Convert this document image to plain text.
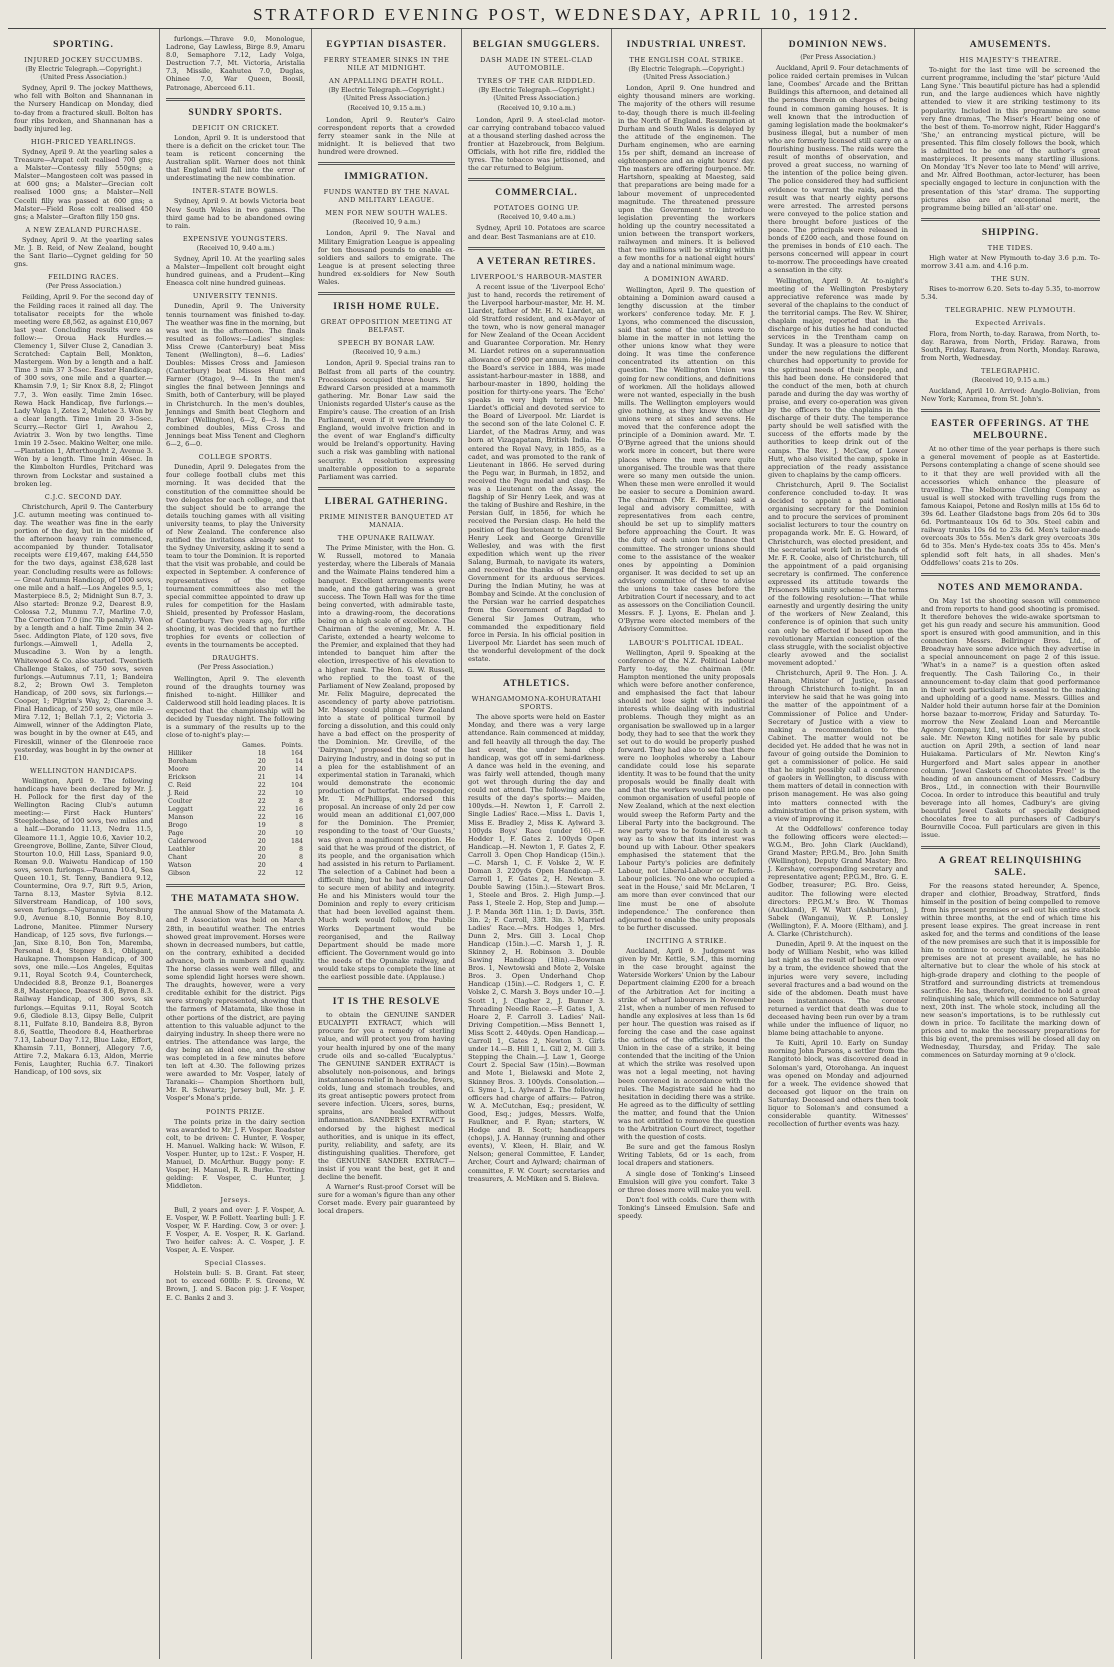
STRATFORD EVENING POST, WEDNESDAY, APRIL 10, 1912.
SPORTING.
INJURED JOCKEY SUCCUMBS.
(By Electric Telegraph.—Copyright.) (United Press Association.)

Sydney, April 9. The jockey Matthews, who fell with Bolton and Shannanan in the Nursery Handicap on Monday, died to-day from a fractured skull. Bolton has four ribs broken, and Shannanan has a badly injured leg.

HIGH-PRICED YEARLINGS.

Sydney, April 9. At the yearling sales a Treasure—Arapat colt realised 700 gns; a Malster—Contessy filly 550gns; a Malster—Mangosteen colt was passed in at 600 gns; a Malster—Grecian colt realised 1000 gns; a Malster—Nell Cecelli filly was passed at 600 gns; a Malster—Field Rose colt realised 450 gns; a Malster—Grafton filly 150 gns.

A NEW ZEALAND PURCHASE.

Sydney, April 9. At the yearling sales Mr. J. B. Reid, of New Zealand, bought the Sant Ilario—Cygnet gelding for 50 gns.

FEILDING RACES.
(Per Press Association.)

Feilding, April 9. For the second day of the Feilding races it rained all day. The totalisator receipts for the whole meeting were £8,562, as against £10,067 last year. Concluding results were as follow:— Oroua Hack Hurdles.—Clemency 1, Silver Cluse 2, Canadian 3. Scratched: Captain Bell, Monkton, Mastergem. Won by a length and a half. Time 3 min 37 3-5sec. Easter Handicap, of 300 sovs, one mile and a quarter.—Khamsin 7.9, 1; Sir Knox 8.8, 2; Flingot 7.7, 3. Won easily. Time 2min 16sec. Rewa Hack Handicap, five furlongs.—Lady Volga 1, Zetes 2, Muletee 3. Won by a clear length. Time 1min 20 3-5sec. Scurry.—Rector Girl 1, Awahou 2, Aviatrix 3. Won by two lengths. Time 1min 19 2-5sec. Makino Welter, one mile.—Plantation 1, Afterthought 2, Avenue 3. Won by a length. Time 1min 46sec. In the Kimbolton Hurdles, Pritchard was thrown from Lockstar and sustained a broken leg.

C.J.C. SECOND DAY.

Christchurch, April 9. The Canterbury J.C. autumn meeting was continued to-day. The weather was fine in the early portion of the day, but in the middle of the afternoon heavy rain commenced, accompanied by thunder. Totalisator receipts were £19,467, making £44,550 for the two days, against £38,628 last year. Concluding results were as follows:— Great Autumn Handicap, of 1000 sovs, one mile and a half.—Los Angeles 9.5, 1; Masterpiece 8.5, 2; Midnight Sun 8.7, 3. Also started: Bronze 9.2, Dearest 8.9, Colossa 7.2, Munmu 7.7, Marline 7.0, The Correction 7.0 (inc 7lb penalty). Won by a length and a half. Time 2min 34 2-5sec. Addington Plate, of 120 sovs, five furlongs.—Aimwell 1, Adella 2, Muscadine 3. Won by a length. Whitewood & Co. also started. Twentieth Challenge Stakes, of 750 sovs, seven furlongs.—Autumnus 7.11, 1; Bandeira 8.2, 2; Brown Owl 3. Templeton Handicap, of 200 sovs, six furlongs.—Cooper, 1; Pilgrim's Way, 2; Clarence 3. Final Handicap, of 250 sovs, one mile.—Mira 7.12, 1; Bellah 7.1, 2; Victoria 3. Aimwell, winner of the Addington Plate, was bought in by the owner at £45, and Fireskill, winner of the Glenroeie race yesterday, was bought in by the owner at £10.

WELLINGTON HANDICAPS.

Wellington, April 9. The following handicaps have been declared by Mr. J. H. Pollock for the first day of the Wellington Racing Club's autumn meeting:— First Hack Hunters' Steeplechase, of 100 sovs, two miles and a half.—Dorando 11.13, Nedra 11.5, Gleamore 11.1, Aggie 10.6, Xavier 10.2, Greengrove, Bolline, Zante, Silver Cloud, Stourton 10.0, Hill Lass, Spaniard 9.0, Roman 9.0. Waiwetu Handicap of 150 sovs, seven furlongs.—Paunna 10.4, Sea Queen 10.1, St. Tenny, Bandiera 9.12, Countermine, Ora 9.7, Rift 9.5, Arion, Tarna 8.13, Master Sylvia 8.12. Silverstream Handicap, of 100 sovs, seven furlongs.—Nguranuu, Petersburg 9.0, Avenue 8.10, Bonnie Boy 8.10, Ladrone, Manitee. Plimmer Nursery Handicap, of 125 sovs, five furlongs.—Jan, Sixe 8.10, Bon Ton, Maremba, Personal 8.4, Stepney 8.1, Obligant, Haukapne. Thompson Handicap, of 300 sovs, one mile.—Los Angeles, Equitas 9.11, Royal Scotch 9.4, Countercheck, Undecided 8.8, Bronze 9.1, Boanerges 8.8, Masterpiece, Dearest 8.6, Byron 8.3. Railway Handicap, of 300 sovs, six furlongs.—Equitas 9.11, Royal Scotch 9.6, Glediole 8.13, Gipsy Belle, Culprit 8.11, Fulfate 8.10, Bandeira 8.8, Byron 8.6, Seattle, Theodore 8.4, Heatherbrae 7.13, Labour Day 7.12, Blue Lake, Effort, Khamsin 7.11, Bonnerj, Allegory 7.6, Attire 7.2, Makara 6.13, Aldon, Merrie Fenis, Laughter, Ruchia 6.7. Tinakori Handicap, of 100 sovs, six

furlongs.—Thrave 9.0, Monologue, Ladrone, Gay Lawless, Birge 8.9, Amaru 8.0, Semaphore 7.12, Lady Volga, Destruction 7.7, Mt. Victoria, Aristalia 7.3, Missile, Kaahutea 7.0, Duglas, Ohinee 7.0, War Queen, Boosil, Patronage, Aberceed 6.11.

SUNDRY SPORTS.
DEFICIT ON CRICKET.

London, April 9. It is understood that there is a deficit on the cricket tour. The team is reticent concerning the Australian split. Warner does not think that England will fall into the error of underestimating the new combination.

INTER-STATE BOWLS.

Sydney, April 9. At bowls Victoria beat New South Wales in two games. The third game had to be abandoned owing to rain.

EXPENSIVE YOUNGSTERS.
(Received 10, 9.40 a.m.)

Sydney, April 10. At the yearling sales a Malster—Impellent colt brought eight hundred guineas, and a Prudent—King Eneasca colt nine hundred guineas.

UNIVERSITY TENNIS.

Dunedin, April 9. The University tennis tournament was finished to-day. The weather was fine in the morning, but was wet in the afternoon. The finals resulted as follows:—Ladies' singles: Miss Crewe (Canterbury) beat Miss Tenent (Wellington), 8—6. Ladies' Doubles: Misses Cross and Jamieson (Canterbury) beat Misses Hunt and Farmer (Otago), 9—4. In the men's singles the final between Jennings and Smith, both of Canterbury, will be played in Christchurch. In the men's doubles, Jennings and Smith beat Cleghorn and Parker (Wellington), 6—2, 6—3. In the combined doubles, Miss Cross and Jennings beat Miss Tenent and Cleghorn 6—2, 6—0.

COLLEGE SPORTS.

Dunedin, April 9. Delegates from the four college football clubs met this morning. It was decided that the constitution of the committee should be two delegates for each college, and that the subject should be to arrange the details touching games with all visiting university teams, to play the University of New Zealand. The conference also ratified the invitations already sent to the Sydney University, asking it to send a team to tour the Dominion. It is reported that the visit was probable, and could be expected in September. A conference of representatives of the college tournament committees also met the special committee appointed to draw up rules for competition for the Haslam Shield, presented by Professor Haslam, of Canterbury. Two years ago, for rifle shooting, it was decided that no further trophies for events or collection of events in the tournaments be accepted.

DRAUGHTS.
(Per Press Association.)

Wellington, April 9. The eleventh round of the draughts tourney was finished to-night. Hilliker and Calderwood still hold leading places. It is expected that the championship will be decided by Tuesday night. The following is a summary of the results up to the close of to-night's play:—

	Games.	Points.
Hilliker	18	164
Boreham	20	14
Moore	20	14
Erickson	21	14
C. Reid	22	104
J. Reid	22	10
Coulter	22	8
Leggatt	22	16
Manson	22	16
Brogo	19	8
Page	20	10
Calderwood	20	184
Leathler	20	8
Chant	20	8
Watson	20	4
Gibson	22	12
THE MATAMATA SHOW.

The annual Show of the Matamata A. and P. Association was held on March 28th, in beautiful weather. The entries showed great improvement. Horses were shown in decreased numbers, but cattle, on the contrary, exhibited a decided advance, both in numbers and quality. The horse classes were well filled, and some splendid light horses were shown. The draughts, however, were a very creditable exhibit for the district. Pigs were strongly represented, showing that the farmers of Matamata, like those in other portions of the district, are paying attention to this valuable adjunct to the dairying industry. In sheep there were no entries. The attendance was large, the day being an ideal one, and the show was completed in a few minutes before ten left at 4.30. The following prizes were awarded to Mr. Vosper, lately of Taranaki:— Champion Shorthorn bull, Mr. R. Schwartz; Jersey bull, Mr. J. F. Vosper's Mona's pride.

POINTS PRIZE.

The points prize in the dairy section was awarded to Mr. J. F. Vosper. Roadster colt, to be driven: C. Hunter, F. Vosper, H. Manuel. Walking hack: W. Wilson, F. Vosper. Hunter, up to 12st.: F. Vosper, H. Manuel, D. McArthur. Buggy pony: F. Vosper, H. Manuel, R. R. Burke. Trotting gelding: F. Vosper, C. Hunter, J. Middleton.

Jerseys.

Bull, 2 years and over: J. F. Vosper, A. E. Vosper, W. P. Follett. Yearling bull: J. F. Vosper, W. F. Harding. Cow, 3 or over: J. F. Vosper, A. E. Vosper, R. K. Garland. Two heifer calves: A. C. Vosper, J. F. Vosper, A. E. Vosper.

Special Classes.

Holstein bull: S. B. Grant. Fat steer, not to exceed 600lb: F. S. Greene, W. Brown, J. and S. Bacon pig: J. F. Vosper, E. C. Banks 2 and 3.

EGYPTIAN DISASTER.
FERRY STEAMER SINKS IN THE NILE AT MIDNIGHT.
AN APPALLING DEATH ROLL.
(By Electric Telegraph.—Copyright.) (United Press Association.)
(Received 10, 9.15 a.m.)

London, April 9. Reuter's Cairo correspondent reports that a crowded ferry steamer sank in the Nile at midnight. It is believed that two hundred were drowned.

IMMIGRATION.
FUNDS WANTED BY THE NAVAL AND MILITARY LEAGUE.
MEN FOR NEW SOUTH WALES.
(Received 10, 9 a.m.)

London, April 9. The Naval and Military Emigration League is appealing for ten thousand pounds to enable ex-soldiers and sailors to emigrate. The League is at present selecting three hundred ex-soldiers for New South Wales.

IRISH HOME RULE.
GREAT OPPOSITION MEETING AT BELFAST.
SPEECH BY BONAR LAW.
(Received 10, 9 a.m.)

London, April 9. Special trains ran to Belfast from all parts of the country. Processions occupied three hours. Sir Edward Carson presided at a mammoth gathering. Mr. Bonar Law said the Unionists regarded Ulster's cause as the Empire's cause. The creation of an Irish Parliament, even if it were friendly to England, would involve friction and in the event of war England's difficulty would be Ireland's opportunity. Having such a risk was gambling with national security. A resolution expressing unalterable opposition to a separate Parliament was carried.

LIBERAL GATHERING.
PRIME MINISTER BANQUETED AT MANAIA.
THE OPUNAKE RAILWAY.

The Prime Minister, with the Hon. G. W. Russell, motored to Manaia yesterday, where the Liberals of Manaia and the Waimate Plains tendered him a banquet. Excellent arrangements were made, and the gathering was a great success. The Town Hall was for the time being converted, with admirable taste, into a drawing-room, the decorations being on a high scale of excellence. The Chairman of the evening, Mr. A. H. Cariste, extended a hearty welcome to the Premier, and explained that they had intended to banquet him after the election, irrespective of his elevation to a higher rank. The Hon. G. W. Russell, who replied to the toast of the Parliament of New Zealand, proposed by Mr. Felix Maguire, deprecated the ascendency of party above patriotism. Mr. Massey could plunge New Zealand into a state of political turmoil by forcing a dissolution, and this could only have a bad effect on the prosperity of the Dominion. Mr. Greville, of the 'Dairyman,' proposed the toast of the Dairying Industry, and in doing so put in a plea for the establishment of an experimental station in Taranaki, which would demonstrate the economic production of butterfat. The responder, Mr. T. McPhillips, endorsed this proposal. An increase of only 2d per cow would mean an additional £1,007,000 for the Dominion. The Premier, responding to the toast of 'Our Guests,' was given a magnificent reception. He said that he was proud of the district, of its people, and the organisation which had assisted in his return to Parliament. The selection of a Cabinet had been a difficult thing, but he had endeavoured to secure men of ability and integrity. He and his Ministers would tour the Dominion and reply to every criticism that had been levelled against them. Much work would follow, the Public Works Department would be reorganised, and the Railway Department should be made more efficient. The Government would go into the needs of the Opunake railway, and would take steps to complete the line at the earliest possible date. (Applause.)

IT IS THE RESOLVE

to obtain the GENUINE SANDER EUCALYPTI EXTRACT, which will procure for you a remedy of sterling value, and will protect you from having your health injured by one of the many crude oils and so-called 'Eucalyptus.' The GENUINE SANDER EXTRACT is absolutely non-poisonous, and brings instantaneous relief in headache, fevers, colds, lung and stomach troubles, and its great antiseptic powers protect from severe infection. Ulcers, sores, burns, sprains, are healed without inflammation. SANDER'S EXTRACT is endorsed by the highest medical authorities, and is unique in its effect, purity, reliability, and safety, are its distinguishing qualities. Therefore, get the GENUINE SANDER EXTRACT—insist if you want the best, get it and decline the benefit.

A Warner's Rust-proof Corset will be sure for a woman's figure than any other Corset made. Every pair guaranteed by local drapers.

BELGIAN SMUGGLERS.
DASH MADE IN STEEL-CLAD AUTOMOBILE.
TYRES OF THE CAR RIDDLED.
(By Electric Telegraph.—Copyright.) (United Press Association.)
(Received 10, 9.10 a.m.)

London, April 9. A steel-clad motor-car carrying contraband tobacco valued at a thousand sterling dashed across the frontier at Hazebrouck, from Belgium. Officials, with hot rifle fire, riddled the tyres. The tobacco was jettisoned, and the car returned to Belgium.

COMMERCIAL.
POTATOES GOING UP.
(Received 10, 9.40 a.m.)

Sydney, April 10. Potatoes are scarce and dear. Best Tasmanians are at £10.

A VETERAN RETIRES.
LIVERPOOL'S HARBOUR-MASTER

A recent issue of the 'Liverpool Echo' just to hand, records the retirement of the Liverpool harbour-master, Mr. H. M. Liardet, father of Mr. H. N. Liardet, an old Stratford resident, and ex-Mayor of the town, who is now general manager for New Zealand of the Ocean Accident and Guarantee Corporation. Mr. Henry M. Liardet retires on a superannuation allowance of £900 per annum. He joined the Board's service in 1884, was made assistant-harbour-master in 1888, and harbour-master in 1890, holding the position for thirty-one years. The 'Echo' speaks in very high terms of Mr. Liardet's official and devoted service to the Board of Liverpool. Mr. Liardet is the second son of the late Colonel C. F. Liardet, of the Madras Army, and was born at Vizagapatam, British India. He entered the Royal Navy, in 1855, as a cadet, and was promoted to the rank of Lieutenant in 1866. He served during the Pegu war, in Burmah, in 1852, and received the Pegu medal and clasp. He was a Lieutenant on the Assay, the flagship of Sir Henry Leek, and was at the taking of Bushire and Reshire, in the Persian Gulf, in 1856, for which he received the Persian clasp. He held the position of flag lieutenant to Admiral Sir Henry Leek and George Grenville Wellesley, and was with the first expedition which went up the river Salang, Burmah, to navigate its waters, and received the thanks of the Bengal Government for its arduous services. During the Indian Mutiny, he was at Bombay and Scinde. At the conclusion of the Persian war he carried despatches from the Government of Bagdad to General Sir James Outram, who commanded the expeditionary field force in Persia. In his official position in Liverpool Mr. Liardet has seen much of the wonderful development of the dock estate.

ATHLETICS.
WHANGAMOMONA-KOHURATAHI SPORTS.

The above sports were held on Easter Monday, and there was a very large attendance. Rain commenced at midday, and fell heavily all through the day. The last event, the under hand chop handicap, was got off in semi-darkness. A dance was held in the evening, and was fairly well attended, though many got wet through during the day and could not attend. The following are the results of the day's sports:— Maiden, 100yds.—H. Newton 1, F. Carroll 2. Single Ladies' Race.—Miss L. Davis 1, Miss E. Bradley 2, Miss K. Aylward 3. 100yds Boys' Race (under 16).—F. Hodder 1, F. Gates 2. 100yds Open Handicap.—H. Newton 1, F. Gates 2, F. Carroll 3. Open Chop Handicap (15in.).—C. Marsh 1, C. F. Volske 2, W. F. Doman 3. 220yds Open Handicap.—F. Carroll 1, F. Gates 2, H. Newton 3. Double Sawing (15in.).—Stewart Bros. 1, Steele and Bros. 2. High Jump.—J. Pass 1, Steele 2. Hop, Step and Jump.—J. P. Manda 36ft 11in. 1; D. Davis, 35ft. 3in. 2; F. Carroll, 33ft. 3in. 3. Married Ladies' Race.—Mrs. Hodges 1, Mrs. Dunn 2, Mrs. Gill 3. Local Chop Handicap (15in.).—C. Marsh 1, J. R. Skinney 2, H. Robinson 3. Double Sawing Handicap (18in).—Bowman Bros. 1, Newtowski and Mote 2, Volske Bros. 3. Open Underhand Chop Handicap (15in).—C. Rodgers 1, C. F. Volske 2, C. Marsh 3. Boys under 10.—J. Scott 1, J. Clagher 2, J. Bunner 3. Threading Needle Race.—F. Gates 1, A. Hoare 2, F. Carroll 3. Ladies' Nail-Driving Competition.—Miss Bennett 1, Miss Scott 2. 440yds. Open Handicap.—Carroll 1, Gates 2, Newton 3. Girls under 14.—B. Hill 1, L. Gill 2, M. Gill 3. Stepping the Chain.—J. Law 1, George Court 2. Special Saw (15in).—Bowman and Mote 1, Bielawski and Mote 2, Skinney Bros. 3. 100yds. Consolation.—G. Syme 1, L. Aylward 2. The following officers had charge of affairs:— Patron, W. A. McCutchan, Esq.; president, W. Good, Esq.; judges, Messrs. Wolfe, Faulkner, and F. Ryan; starters, W. Hodge and B. Scott; handicappers (chops), J. A. Hannay (running and other events), V. Kleen, H. Blair, and W. Nelson; general Committee, F. Lander, Archer, Court and Aylward; chairman of committee, F. W. Court; secretaries and treasurers, A. McMiken and S. Bieleva.

INDUSTRIAL UNREST.
THE ENGLISH COAL STRIKE.
(By Electric Telegraph.—Copyright.) (United Press Association.)

London, April 9. One hundred and eighty thousand miners are working. The majority of the others will resume to-day, though there is much ill-feeling in the North of England. Resumption at Durham and South Wales is delayed by the attitude of the enginemen. The Durham enginemen, who are earning 15s per shift, demand an increase of eighteenpence and an eight hours' day. The masters are offering fourpence. Mr. Hartshorn, speaking at Maesteg, said that preparations are being made for a labour movement of unprecedented magnitude. The threatened pressure upon the Government to introduce legislation preventing the workers holding up the country necessitated a union between the transport workers, railwaymen and miners. It is believed that two millions will be striking within a few months for a national eight hours' day and a national minimum wage.

A DOMINION AWARD.

Wellington, April 9. The question of obtaining a Dominion award caused a lengthy discussion at the timber workers' conference today. Mr. F. J. Lyons, who commenced the discussion, said that some of the unions were to blame in the matter in not letting the other unions know what they were doing. It was time the conference concentrated its attention on this question. The Wellington Union was going for new conditions, and definitions of workmen. All the holidays allowed were not wanted, especially in the bush mills. The Wellington employers would give nothing, as they knew the other unions were at sixes and sevens. He moved that the conference adopt the principle of a Dominion award. Mr. T. O'Byrne agreed that the unions should work more in concert, but there were places where the men were quite unorganised. The trouble was that there were so many men outside the union. When these men were enrolled it would be easier to secure a Dominion award. The chairman (Mr. E. Phelan) said a legal and advisory committee, with representatives from each centre, should be set up to simplify matters before approaching the Court. It was the duty of each union to finance that committee. The stronger unions should come to the assistance of the weaker ones by appointing a Dominion organiser. It was decided to set up an advisory committee of three to advise the unions to take cases before the Arbitration Court if necessary, and to act as assessors on the Conciliation Council. Messrs. F. J. Lyons, E. Phelan and J. O'Byrne were elected members of the Advisory Committee.

LABOUR'S POLITICAL IDEAL.

Wellington, April 9. Speaking at the conference of the N.Z. Political Labour Party to-day, the chairman (Mr. Hampton mentioned the unity proposals which were before another conference, and emphasised the fact that labour should not lose sight of its political interests while dealing with industrial problems. Though they might as an organisation be swallowed up in a larger body, they had to see that the work they set out to do would be properly pushed forward. They had also to see that there were no loopholes whereby a Labour candidate could lose his separate identity. It was to be found that the unity proposals would be finally dealt with and that the workers would fall into one common organisation of useful people of New Zealand, which at the next election would sweep the Reform Party and the Liberal Party into the background. The new party was to be founded in such a way as to show that its interest was bound up with Labour. Other speakers emphasised the statement that the Labour Party's policies are definitely Labour, not Liberal-Labour or Reform-Labour policies. 'No one who occupied a seat in the House,' said Mr. McLaren, 'I am more than ever convinced that our line must be one of absolute independence.' The conference then adjourned to enable the unity proposals to be further discussed.

INCITING A STRIKE.

Auckland, April 9. Judgment was given by Mr. Kettle, S.M., this morning in the case brought against the Waterside Workers' Union by the Labour Department claiming £200 for a breach of the Arbitration Act for inciting a strike of wharf labourers in November 21st, when a number of men refused to handle any explosives at less than 1s 6d per hour. The question was raised as if forcing the case and the case against the actions of the officials bound the Union in the case of a strike, it being contended that the inciting of the Union at which the strike was resolved upon was not a legal meeting, not having been convened in accordance with the rules. The Magistrate said he had no hesitation in deciding there was a strike. He agreed as to the difficulty of settling the matter, and found that the Union was not entitled to remove the question to the Arbitration Court direct, together with the question of costs.

Be sure and get the famous Roslyn Writing Tablets, 6d or 1s each, from local drapers and stationers.

A single dose of Tonking's Linseed Emulsion will give you comfort. Take 3 or three doses more will make you well.

Don't fool with colds. Cure them with Tonking's Linseed Emulsion. Safe and speedy.

DOMINION NEWS.
(Per Press Association.)

Auckland, April 9. Four detachments of police raided certain premises in Vulcan lane, Coombes' Arcade and the Brittan Buildings this afternoon, and detained all the persons therein on charges of being found in common gaming houses. It is well known that the introduction of gaming legislation made the bookmaker's business illegal, but a number of men who are formerly licensed still carry on a flourishing business. The raids were the result of months of observation, and proved a great success, no warning of the intention of the police being given. The police considered they had sufficient evidence to warrant the raids, and the result was that nearly eighty persons were arrested. The arrested persons were conveyed to the police station and there brought before justices of the peace. The principals were released in bonds of £200 each, and those found on the premises in bonds of £10 each. The persons concerned will appear in court to-morrow. The proceedings have created a sensation in the city.

Wellington, April 9. At to-night's meeting of the Wellington Presbytery appreciative reference was made by several of the chaplains to the conduct of the territorial camps. The Rev. W. Shirer, chaplain major, reported that in the discharge of his duties he had conducted services in the Trentham camp on Sunday. It was a pleasure to notice that under the new regulations the different churches had opportunity to provide for the spiritual needs of their people, and this had been done. He considered that the conduct of the men, both at church parade and during the day was worthy of praise, and every co-operation was given by the officers to the chaplains in the discharge of their duty. The temperance party should be well satisfied with the success of the efforts made by the authorities to keep drink out of the camps. The Rev. J. McCaw, of Lower Hutt, who also visited the camp, spoke in appreciation of the ready assistance given to chaplains by the camp officers.

Christchurch, April 9. The Socialist conference concluded to-day. It was decided to appoint a paid national organising secretary for the Dominion and to procure the services of prominent socialist lecturers to tour the country on propaganda work. Mr. E. G. Howard, of Christchurch, was elected president, and the secretarial work left in the hands of Mr. F. R. Cooke, also of Christchurch, till the appointment of a paid organising secretary is confirmed. The conference expressed its attitude towards the Prisoners Mills unity scheme in the terms of the following resolution:—'That while earnestly and urgently desiring the unity of the workers of New Zealand, this conference is of opinion that such unity can only be effected if based upon the revolutionary Marxian conception of the class struggle, with the socialist objective clearly avowed and the socialist movement adopted.'

Christchurch, April 9. The Hon. J. A. Hanan, Minister of Justice, passed through Christchurch to-night. In an interview he said that he was going into the matter of the appointment of a Commissioner of Police and Under-Secretary of Justice with a view to making a recommendation to the Cabinet. The matter would not be decided yet. He added that he was not in favour of going outside the Dominion to get a commissioner of police. He said that he might possibly call a conference of gaolers in Wellington, to discuss with them matters of detail in connection with prison management. He was also going into matters connected with the administration of the prison system, with a view of improving it.

At the Oddfellows' conference today the following officers were elected:—W.G.M., Bro. John Clark (Auckland), Grand Master; P.P.G.M., Bro. John Smith (Wellington), Deputy Grand Master; Bro. J. Kershaw, corresponding secretary and representative agent; P.P.G.M., Bro. G. E. Godber, treasurer; P.G. Bro. Geiss, auditor. The following were elected directors: P.P.G.M.'s Bro. W. Thomas (Auckland), F. W. Watt (Ashburton), J. Sabek (Wanganui), W. P. Lonsley (Wellington), F. A. Moore (Eltham), and J. A. Clarke (Christchurch).

Dunedin, April 9. At the inquest on the body of William Nesbit, who was killed last night as the result of being run over by a tram, the evidence showed that the injuries were very severe, including several fractures and a bad wound on the side of the abdomen. Death must have been instantaneous. The coroner returned a verdict that death was due to deceased having been run over by a tram while under the influence of liquor, no blame being attachable to anyone.

Te Kuiti, April 10. Early on Sunday morning John Parsons, a settler from the Rangitoto block, was discovered dead in Soloman's yard, Otorohanga. An inquest was opened on Monday and adjourned for a week. The evidence showed that deceased got liquor on the train on Saturday. Deceased and others then took liquor to Soloman's and consumed a considerable quantity. Witnesses' recollection of further events was hazy.

AMUSEMENTS.
HIS MAJESTY'S THEATRE.

To-night for the last time will be screened the current programme, including the 'star' picture 'Auld Lang Syne.' This beautiful picture has had a splendid run, and the large audiences which have nightly attended to view it are striking testimony to its popularity. Included in this programme are some very fine dramas, 'The Miser's Heart' being one of the best of them. To-morrow night, Rider Haggard's 'She,' an entrancing mystical picture, will be presented. This film closely follows the book, which is admitted to be one of the author's great masterpieces. It presents many startling illusions. On Monday 'It's Never too late to Mend' will arrive, and Mr. Alfred Boothman, actor-lecturer, has been specially engaged to lecture in conjunction with the presentation of this 'star' drama. The supporting pictures also are of exceptional merit, the programme being billed an 'all-star' one.

SHIPPING.
THE TIDES.

High water at New Plymouth to-day 3.6 p.m. To-morrow 3.41 a.m. and 4.16 p.m.

THE SUN.

Rises to-morrow 6.20. Sets to-day 5.35, to-morrow 5.34.

TELEGRAPHIC. NEW PLYMOUTH.
Expected Arrivals.

Flora, from North, to-day. Rarawa, from North, to-day. Rarawa, from North, Friday. Rarawa, from South, Friday. Rarawa, from North, Monday. Rarawa, from North, Wednesday.

TELEGRAPHIC.
(Received 10, 9.15 a.m.)

Auckland, April 10. Arrived: Anglo-Bolivian, from New York; Karamea, from St. John's.

EASTER OFFERINGS. AT THE MELBOURNE.

At no other time of the year perhaps is there such a general movement of people as at Eastertide. Persons contemplating a change of scene should see to it that they are well provided with all the accessories which enhance the pleasure of travelling. The Melbourne Clothing Company as usual is well stocked with travelling rugs from the famous Kaiapoi, Petone and Roslyn mills at 15s 6d to 39s 6d. Leather Gladstone bags from 20s 6d to 30s 6d. Portmanteaux 10s 6d to 30s. Steel cabin and railway trunks 10s 6d to 23s 6d. Men's tailor-made overcoats 30s to 55s. Men's dark grey overcoats 30s 6d to 35s. Men's Hyde-tex coats 35s to 45s. Men's splendid soft felt hats, in all shades. Men's Oddfellows' coats 21s to 20s.

NOTES AND MEMORANDA.

On May 1st the shooting season will commence and from reports to hand good shooting is promised. It therefore behoves the wide-awake sportsman to get his gun ready and secure his ammunition. Good sport is ensured with good ammunition, and in this connection Messrs. Bellringer Bros. Ltd., of Broadway have some advice which they advertise in a special announcement on page 2 of this issue. 'What's in a name?' is a question often asked frequently. The Cash Tailoring Co., in their announcement to-day claim that good performance in their work particularly is essential to the making and upholding of a good name. Messrs. Gillies and Nalder hold their autumn horse fair at the Dominion horse bazaar to-morrow, Friday and Saturday. To-morrow the New Zealand Loan and Mercantile Agency Company, Ltd., will hold their Hawera stock sale. Mr. Newton King notifies for sale by public auction on April 29th, a section of land near Huiakama. Particulars of Mr. Newton King's Hurgerford and Mart sales appear in another column. 'Jewel Caskets of Chocolates Free!' is the heading of an announcement of Messrs. Cadbury Bros., Ltd., in connection with their Bournville Cocoa. In order to introduce this beautiful and truly beverage into all homes, Cadbury's are giving beautiful Jewel Caskets of specially designed chocolates free to all purchasers of Cadbury's Bournville Cocoa. Full particulars are given in this issue.

A GREAT RELINQUISHING SALE.

For the reasons stated hereunder, A. Spence, draper and clothier, Broadway, Stratford, finds himself in the position of being compelled to remove from his present premises or sell out his entire stock within three months, at the end of which time his present lease expires. The great increase in rent asked for, and the terms and conditions of the lease of the new premises are such that it is impossible for him to continue to occupy them; and, as suitable premises are not at present available, he has no alternative but to clear the whole of his stock at high-grade drapery and clothing to the people of Stratford and surrounding districts at tremendous sacrifice. He has, therefore, decided to hold a great relinquishing sale, which will commence on Saturday next, 20th inst. The whole stock, including all the new season's importations, is to be ruthlessly cut down in price. To facilitate the marking down of prices and to make the necessary preparations for this big event, the premises will be closed all day on Wednesday, Thursday, and Friday. The sale commences on Saturday morning at 9 o'clock.
